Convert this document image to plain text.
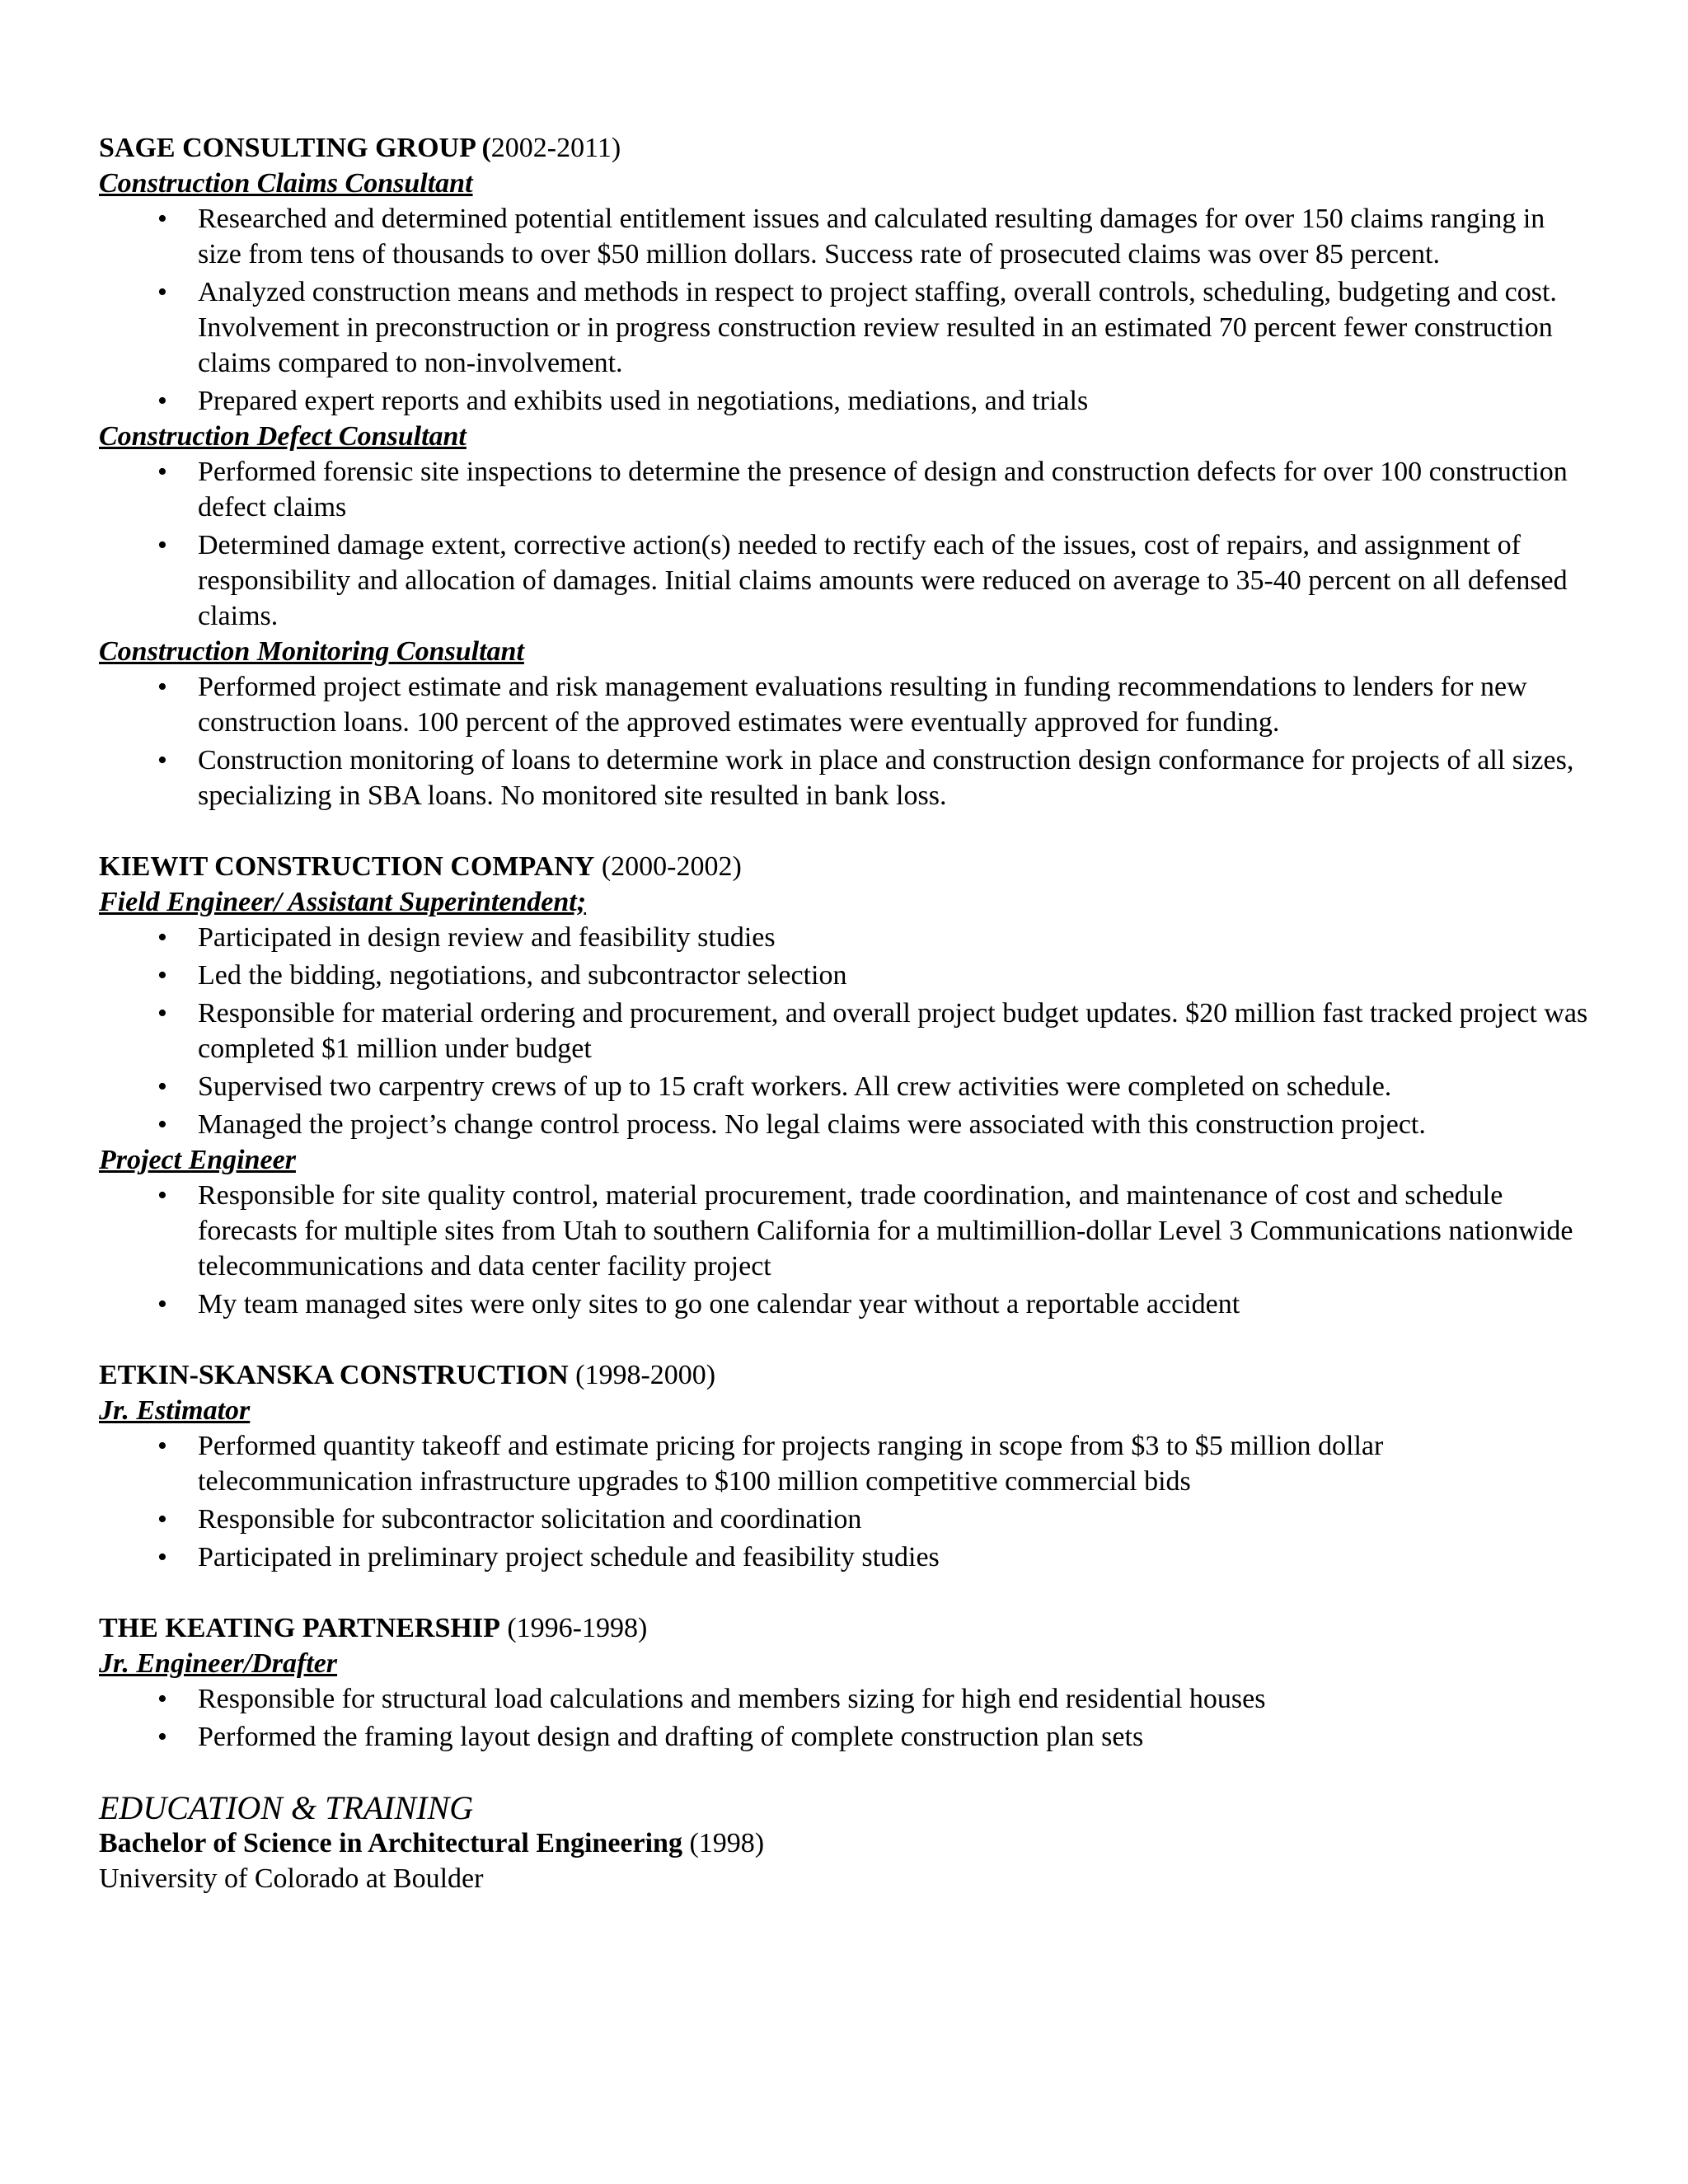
SAGE CONSULTING GROUP (2002-2011)
Construction Claims Consultant
• Researched and determined potential entitlement issues and calculated resulting damages for over 150 claims ranging in size from tens of thousands to over $50 million dollars. Success rate of prosecuted claims was over 85 percent.
• Analyzed construction means and methods in respect to project staffing, overall controls, scheduling, budgeting and cost. Involvement in preconstruction or in progress construction review resulted in an estimated 70 percent fewer construction claims compared to non-involvement.
• Prepared expert reports and exhibits used in negotiations, mediations, and trials
Construction Defect Consultant
• Performed forensic site inspections to determine the presence of design and construction defects for over 100 construction defect claims
• Determined damage extent, corrective action(s) needed to rectify each of the issues, cost of repairs, and assignment of responsibility and allocation of damages. Initial claims amounts were reduced on average to 35-40 percent on all defensed claims.
Construction Monitoring Consultant
• Performed project estimate and risk management evaluations resulting in funding recommendations to lenders for new construction loans. 100 percent of the approved estimates were eventually approved for funding.
• Construction monitoring of loans to determine work in place and construction design conformance for projects of all sizes, specializing in SBA loans. No monitored site resulted in bank loss.
KIEWIT CONSTRUCTION COMPANY (2000-2002)
Field Engineer/ Assistant Superintendent;
• Participated in design review and feasibility studies
• Led the bidding, negotiations, and subcontractor selection
• Responsible for material ordering and procurement, and overall project budget updates. $20 million fast tracked project was completed $1 million under budget
• Supervised two carpentry crews of up to 15 craft workers. All crew activities were completed on schedule.
• Managed the project’s change control process. No legal claims were associated with this construction project.
Project Engineer
• Responsible for site quality control, material procurement, trade coordination, and maintenance of cost and schedule forecasts for multiple sites from Utah to southern California for a multimillion-dollar Level 3 Communications nationwide telecommunications and data center facility project
• My team managed sites were only sites to go one calendar year without a reportable accident
ETKIN-SKANSKA CONSTRUCTION (1998-2000)
Jr. Estimator
• Performed quantity takeoff and estimate pricing for projects ranging in scope from $3 to $5 million dollar telecommunication infrastructure upgrades to $100 million competitive commercial bids
• Responsible for subcontractor solicitation and coordination
• Participated in preliminary project schedule and feasibility studies
THE KEATING PARTNERSHIP (1996-1998)
Jr. Engineer/Drafter
• Responsible for structural load calculations and members sizing for high end residential houses
• Performed the framing layout design and drafting of complete construction plan sets
EDUCATION & TRAINING

Bachelor of Science in Architectural Engineering (1998)

University of Colorado at Boulder
